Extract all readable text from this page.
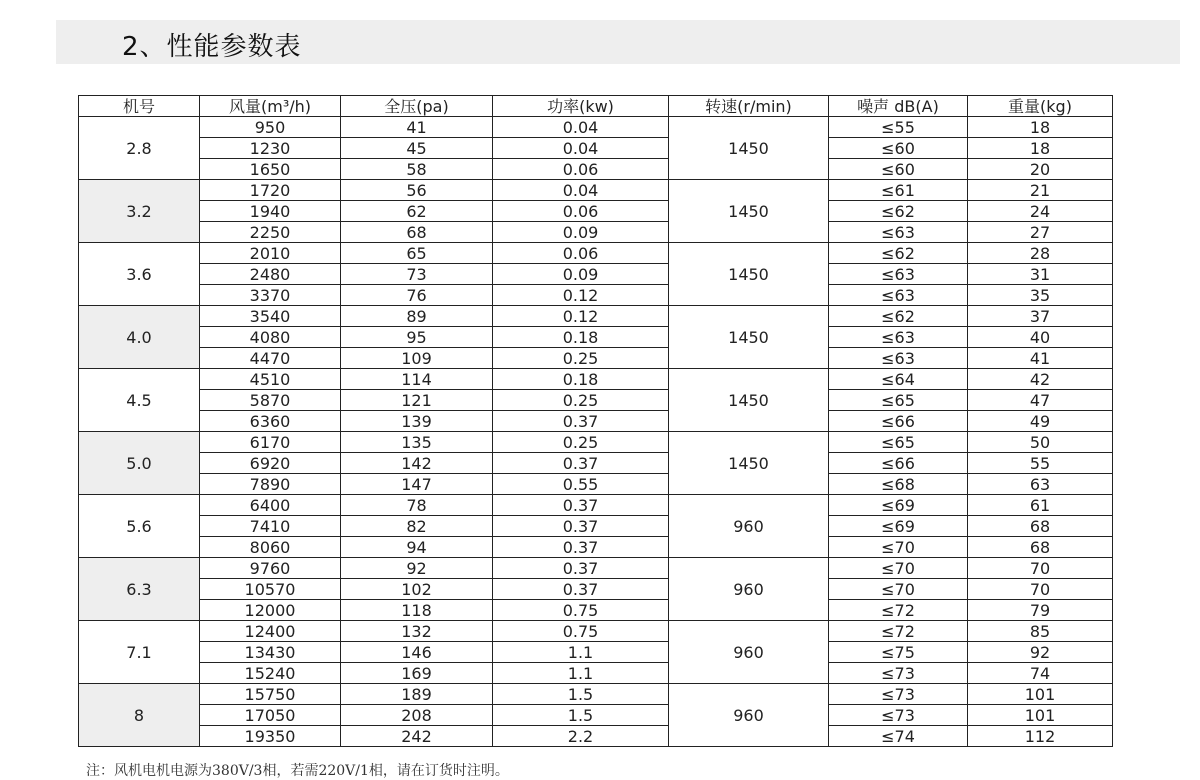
2、性能参数表
机号	风量(m³/h)	全压(pa)	功率(kw)	转速(r/min)	噪声 dB(A)	重量(kg)
2.8	950	41	0.04	1450	≤55	18
	1230	45	0.04		≤60	18
	1650	58	0.06		≤60	20
3.2	1720	56	0.04	1450	≤61	21
	1940	62	0.06		≤62	24
	2250	68	0.09		≤63	27
3.6	2010	65	0.06	1450	≤62	28
	2480	73	0.09		≤63	31
	3370	76	0.12		≤63	35
4.0	3540	89	0.12	1450	≤62	37
	4080	95	0.18		≤63	40
	4470	109	0.25		≤63	41
4.5	4510	114	0.18	1450	≤64	42
	5870	121	0.25		≤65	47
	6360	139	0.37		≤66	49
5.0	6170	135	0.25	1450	≤65	50
	6920	142	0.37		≤66	55
	7890	147	0.55		≤68	63
5.6	6400	78	0.37	960	≤69	61
	7410	82	0.37		≤69	68
	8060	94	0.37		≤70	68
6.3	9760	92	0.37	960	≤70	70
	10570	102	0.37		≤70	70
	12000	118	0.75		≤72	79
7.1	12400	132	0.75	960	≤72	85
	13430	146	1.1		≤75	92
	15240	169	1.1		≤73	74
8	15750	189	1.5	960	≤73	101
	17050	208	1.5		≤73	101
	19350	242	2.2		≤74	112
注：风机电机电源为380V/3相，若需220V/1相，请在订货时注明。
